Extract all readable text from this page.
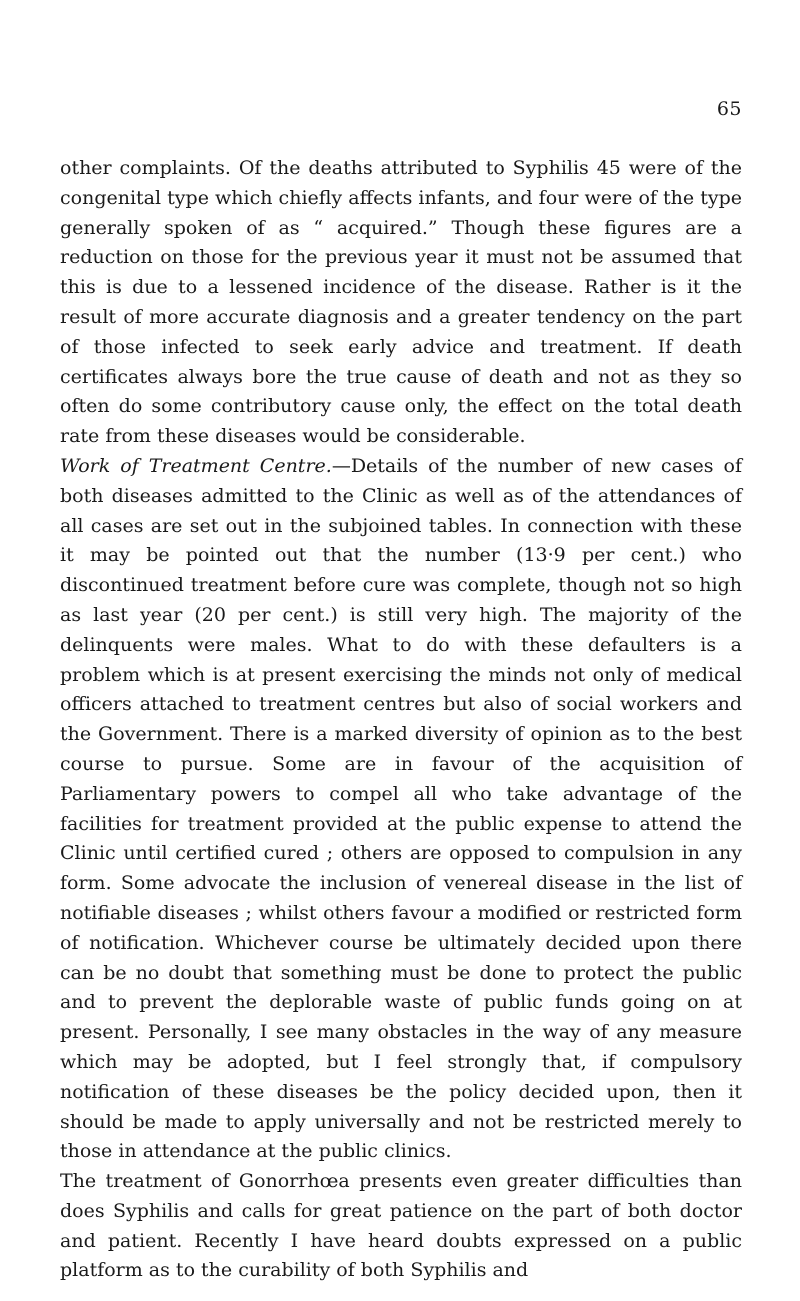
65

other complaints. Of the deaths attributed to Syphilis 45 were of the congenital type which chiefly affects infants, and four were of the type generally spoken of as “ acquired.” Though these figures are a reduction on those for the previous year it must not be assumed that this is due to a lessened incidence of the disease. Rather is it the result of more accurate diagnosis and a greater tendency on the part of those infected to seek early advice and treatment. If death certificates always bore the true cause of death and not as they so often do some contributory cause only, the effect on the total death rate from these diseases would be considerable.

Work of Treatment Centre.—Details of the number of new cases of both diseases admitted to the Clinic as well as of the attendances of all cases are set out in the subjoined tables. In connection with these it may be pointed out that the number (13·9 per cent.) who discontinued treatment before cure was complete, though not so high as last year (20 per cent.) is still very high. The majority of the delinquents were males. What to do with these defaulters is a problem which is at present exercising the minds not only of medical officers attached to treatment centres but also of social workers and the Government. There is a marked diversity of opinion as to the best course to pursue. Some are in favour of the acquisition of Parliamentary powers to compel all who take advantage of the facilities for treatment provided at the public expense to attend the Clinic until certified cured ; others are opposed to compulsion in any form. Some advocate the inclusion of venereal disease in the list of notifiable diseases ; whilst others favour a modified or restricted form of notification. Whichever course be ultimately decided upon there can be no doubt that something must be done to protect the public and to prevent the deplorable waste of public funds going on at present. Personally, I see many obstacles in the way of any measure which may be adopted, but I feel strongly that, if compulsory notification of these diseases be the policy decided upon, then it should be made to apply universally and not be restricted merely to those in attendance at the public clinics.

The treatment of Gonorrhœa presents even greater difficulties than does Syphilis and calls for great patience on the part of both doctor and patient. Recently I have heard doubts expressed on a public platform as to the curability of both Syphilis and
